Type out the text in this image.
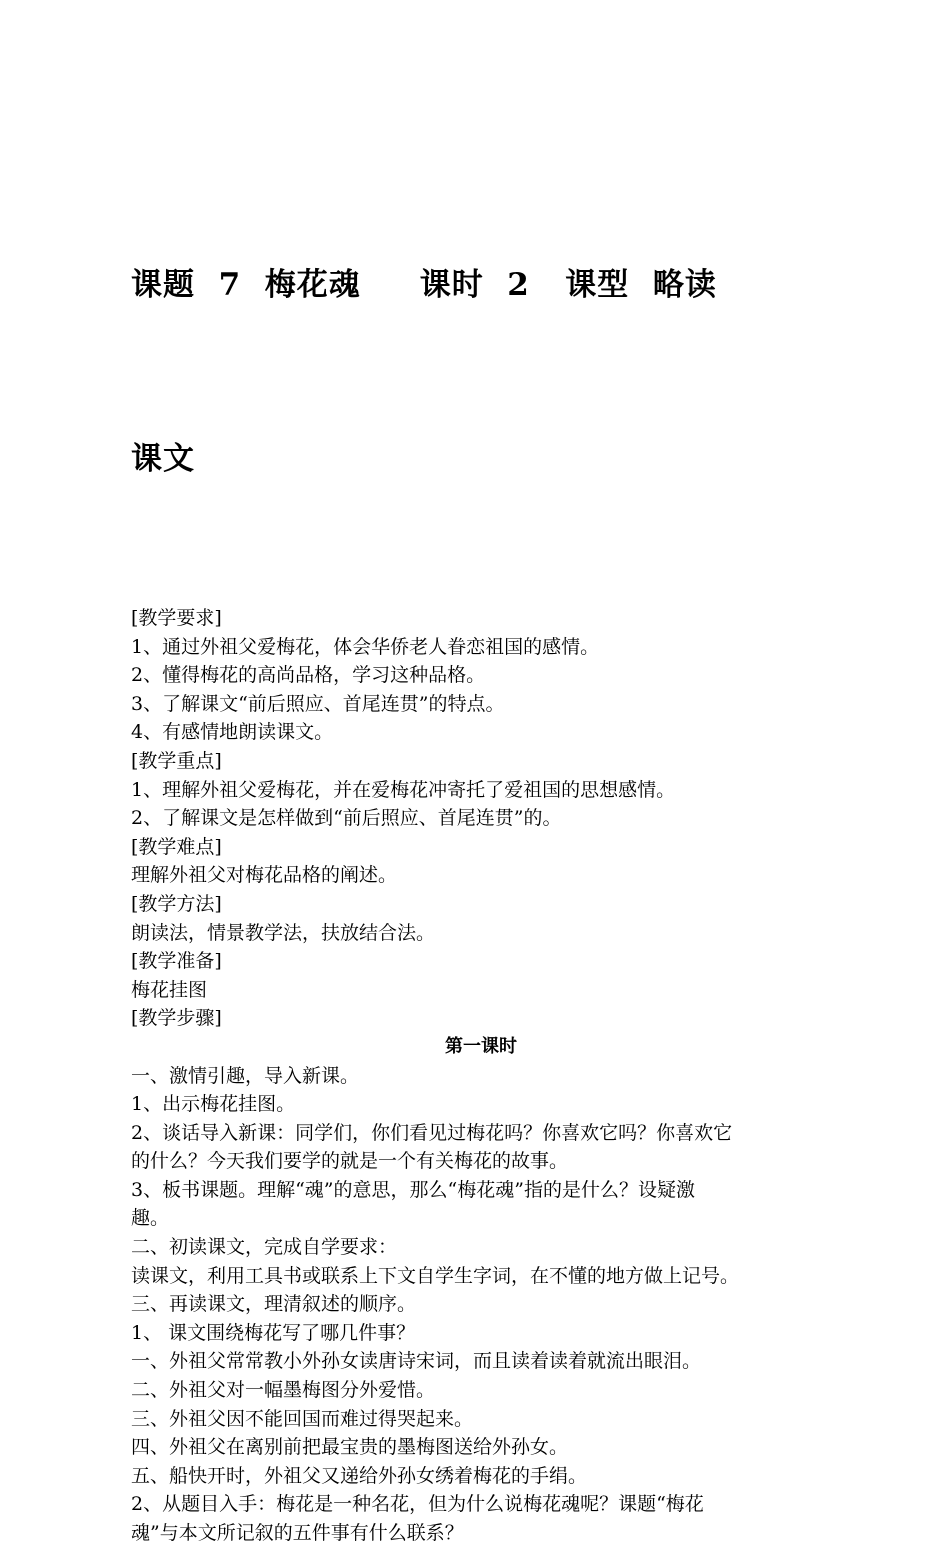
课题  7  梅花魂     课时  2   课型  略读

课文

[教学要求]
1、通过外祖父爱梅花，体会华侨老人眷恋祖国的感情。
2、懂得梅花的高尚品格，学习这种品格。
3、了解课文“前后照应、首尾连贯”的特点。
4、有感情地朗读课文。
[教学重点]
1、理解外祖父爱梅花，并在爱梅花冲寄托了爱祖国的思想感情。
2、了解课文是怎样做到“前后照应、首尾连贯”的。
[教学难点]
理解外祖父对梅花品格的阐述。
[教学方法]
朗读法，情景教学法，扶放结合法。
[教学准备]
梅花挂图
[教学步骤]
第一课时
一、激情引趣，导入新课。
1、出示梅花挂图。
2、谈话导入新课：同学们，你们看见过梅花吗？你喜欢它吗？你喜欢它
的什么？今天我们要学的就是一个有关梅花的故事。
3、板书课题。理解“魂”的意思，那么“梅花魂”指的是什么？设疑激
趣。
二、初读课文，完成自学要求：
读课文，利用工具书或联系上下文自学生字词，在不懂的地方做上记号。
三、再读课文，理清叙述的顺序。
1、 课文围绕梅花写了哪几件事？
一、外祖父常常教小外孙女读唐诗宋词，而且读着读着就流出眼泪。
二、外祖父对一幅墨梅图分外爱惜。
三、外祖父因不能回国而难过得哭起来。
四、外祖父在离别前把最宝贵的墨梅图送给外孙女。
五、船快开时，外祖父又递给外孙女绣着梅花的手绢。
2、从题目入手：梅花是一种名花，但为什么说梅花魂呢？课题“梅花
魂”与本文所记叙的五件事有什么联系？
